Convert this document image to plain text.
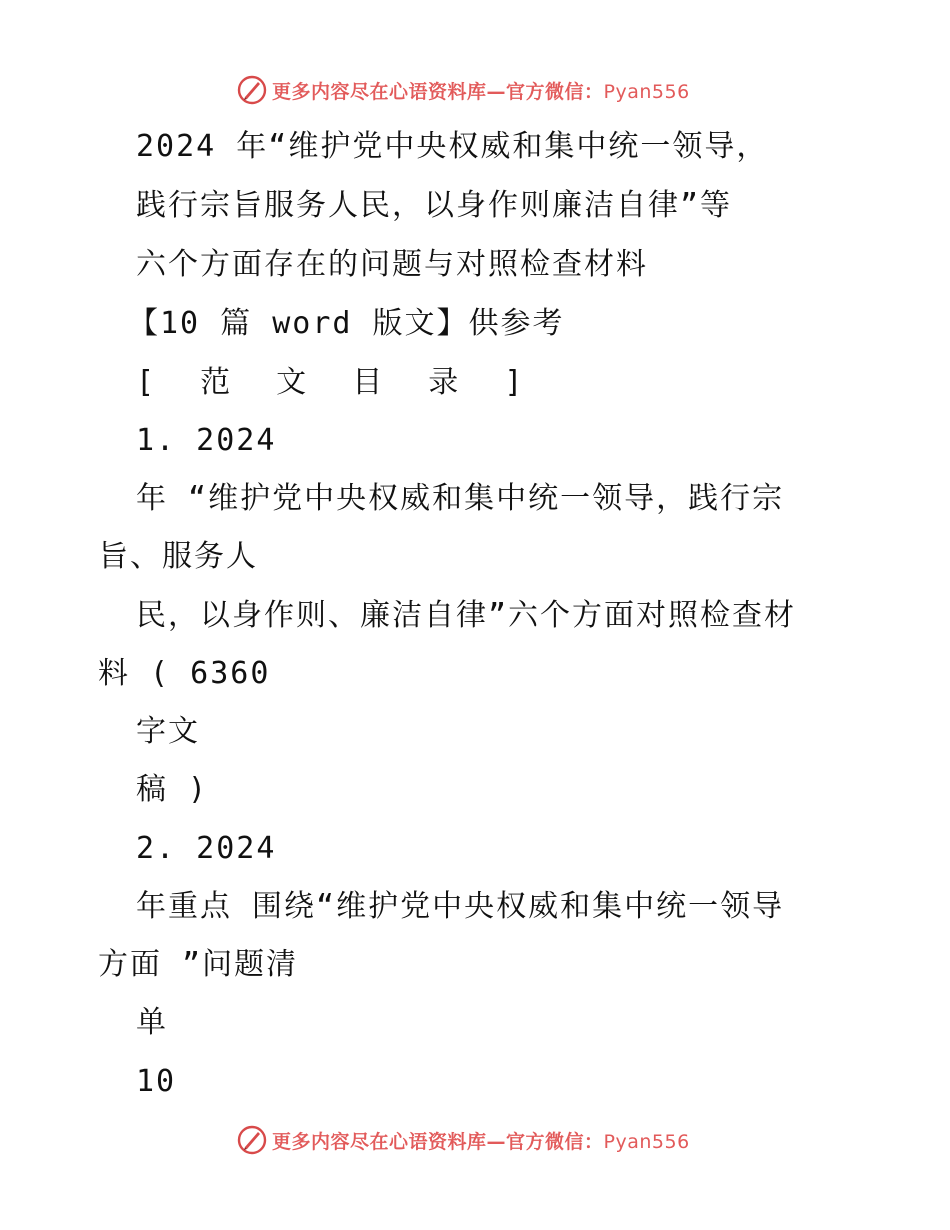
更多内容尽在心语资料库—官方微信：Pyan556
2024 年“维护党中央权威和集中统一领导，
践行宗旨服务人民，以身作则廉洁自律”等
六个方面存在的问题与对照检查材料
【10 篇 word 版文】供参考
[ 范 文 目 录 ]
1. 2024
年 “维护党中央权威和集中统一领导，践行宗
旨、服务人
民，以身作则、廉洁自律”六个方面对照检查材
料 ( 6360
字文
稿 )
2. 2024
年重点 围绕“维护党中央权威和集中统一领导
方面 ”问题清
单
10
更多内容尽在心语资料库—官方微信：Pyan556
